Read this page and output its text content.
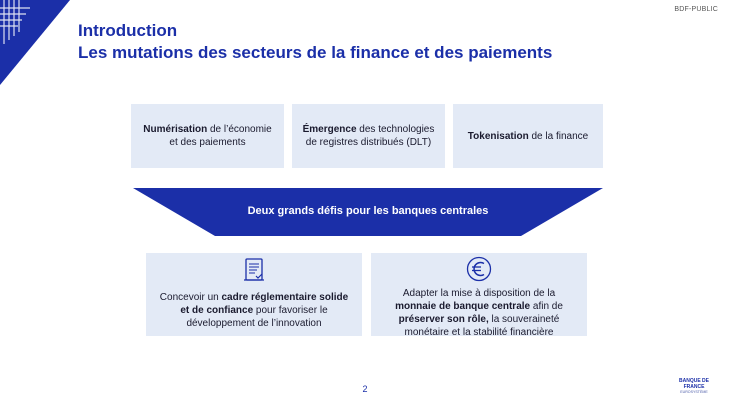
BDF-PUBLIC
Introduction
Les mutations des secteurs de la finance et des paiements
Numérisation de l’économie et des paiements
Émergence des technologies de registres distribués (DLT)
Tokenisation de la finance
Deux grands défis pour les banques centrales
Concevoir un cadre réglementaire solide et de confiance pour favoriser le développement de l’innovation
Adapter la mise à disposition de la monnaie de banque centrale afin de préserver son rôle, la souveraineté monétaire et la stabilité financière
2
BANQUE DE FRANCE
EUROSYSTÈME
